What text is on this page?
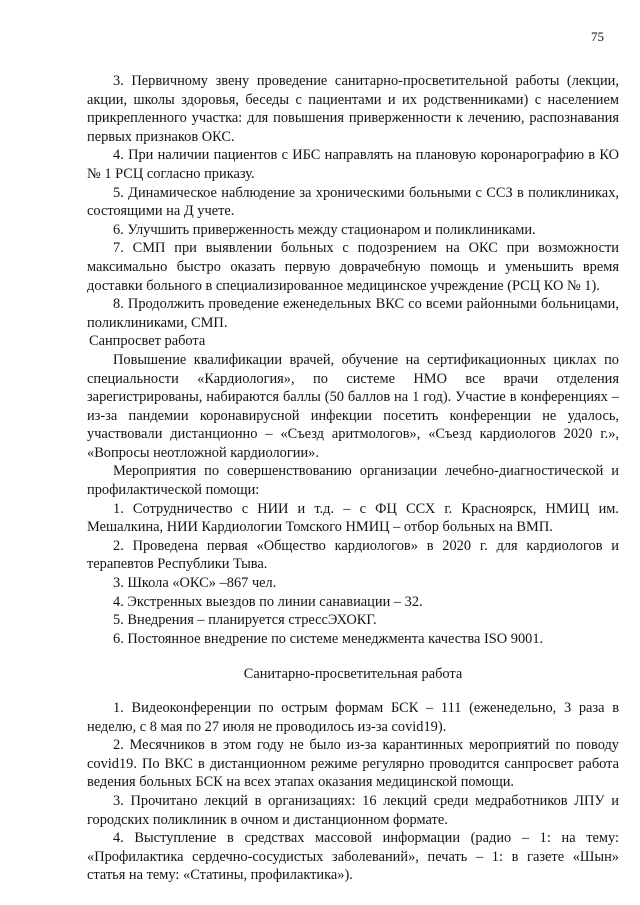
75

3. Первичному звену проведение санитарно-просветительной работы (лекции, акции, школы здоровья, беседы с пациентами и их родственниками) с населением прикрепленного участка: для повышения приверженности к лечению, распознавания первых признаков ОКС.

4. При наличии пациентов с ИБС направлять на плановую коронарографию в КО № 1 РСЦ согласно приказу.

5. Динамическое наблюдение за хроническими больными с ССЗ в поликлиниках, состоящими на Д учете.

6. Улучшить приверженность между стационаром и поликлиниками.

7. СМП при выявлении больных с подозрением на ОКС при возможности максимально быстро оказать первую доврачебную помощь и уменьшить время доставки больного в специализированное медицинское учреждение (РСЦ КО № 1).

8. Продолжить проведение еженедельных ВКС со всеми районными больницами, поликлиниками, СМП.

Санпросвет работа

Повышение квалификации врачей, обучение на сертификационных циклах по специальности «Кардиология», по системе НМО все врачи отделения зарегистрированы, набираются баллы (50 баллов на 1 год). Участие в конференциях – из-за пандемии коронавирусной инфекции посетить конференции не удалось, участвовали дистанционно – «Съезд аритмологов», «Съезд кардиологов 2020 г.», «Вопросы неотложной кардиологии».

Мероприятия по совершенствованию организации лечебно-диагностической и профилактической помощи:

1. Сотрудничество с НИИ и т.д. – с ФЦ ССХ г. Красноярск, НМИЦ им. Мешалкина, НИИ Кардиологии Томского НМИЦ – отбор больных на ВМП.

2. Проведена первая «Общество кардиологов» в 2020 г. для кардиологов и терапевтов Республики Тыва.

3. Школа «ОКС» –867 чел.

4. Экстренных выездов по линии санавиации – 32.

5. Внедрения – планируется стрессЭХОКГ.

6. Постоянное внедрение по системе менеджмента качества ISO 9001.

Санитарно-просветительная работа

1. Видеоконференции по острым формам БСК – 111 (еженедельно, 3 раза в неделю, с 8 мая по 27 июля не проводилось из-за covid19).

2. Месячников в этом году не было из-за карантинных мероприятий по поводу covid19. По ВКС в дистанционном режиме регулярно проводится санпросвет работа ведения больных БСК на всех этапах оказания медицинской помощи.

3. Прочитано лекций в организациях: 16 лекций среди медработников ЛПУ и городских поликлиник в очном и дистанционном формате.

4. Выступление в средствах массовой информации (радио – 1: на тему: «Профилактика сердечно-сосудистых заболеваний», печать – 1: в газете «Шын» статья на тему: «Статины, профилактика»).
